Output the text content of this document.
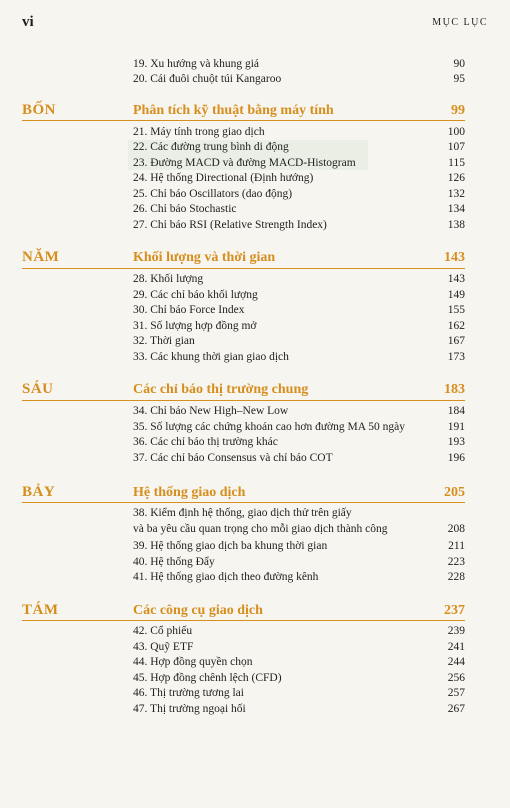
vi	MỤC LỤC
19. Xu hướng và khung giá	90
20. Cái đuôi chuột túi Kangaroo	95
BỐN	Phân tích kỹ thuật bằng máy tính	99
21. Máy tính trong giao dịch	100
22. Các đường trung bình di động	107
23. Đường MACD và đường MACD-Histogram	115
24. Hệ thống Directional (Định hướng)	126
25. Chỉ báo Oscillators (dao động)	132
26. Chỉ báo Stochastic	134
27. Chỉ báo RSI (Relative Strength Index)	138
NĂM	Khối lượng và thời gian	143
28. Khối lượng	143
29. Các chỉ báo khối lượng	149
30. Chỉ báo Force Index	155
31. Số lượng hợp đồng mở	162
32. Thời gian	167
33. Các khung thời gian giao dịch	173
SÁU	Các chỉ báo thị trường chung	183
34. Chỉ báo New High–New Low	184
35. Số lượng các chứng khoán cao hơn đường MA 50 ngày	191
36. Các chỉ báo thị trường khác	193
37. Các chỉ báo Consensus và chỉ báo COT	196
BẢY	Hệ thống giao dịch	205
38. Kiểm định hệ thống, giao dịch thử trên giấy
và ba yêu cầu quan trọng cho mỗi giao dịch thành công	208
39. Hệ thống giao dịch ba khung thời gian	211
40. Hệ thống Đẩy	223
41. Hệ thống giao dịch theo đường kênh	228
TÁM	Các công cụ giao dịch	237
42. Cổ phiếu	239
43. Quỹ ETF	241
44. Hợp đồng quyền chọn	244
45. Hợp đồng chênh lệch (CFD)	256
46. Thị trường tương lai	257
47. Thị trường ngoại hối	267
